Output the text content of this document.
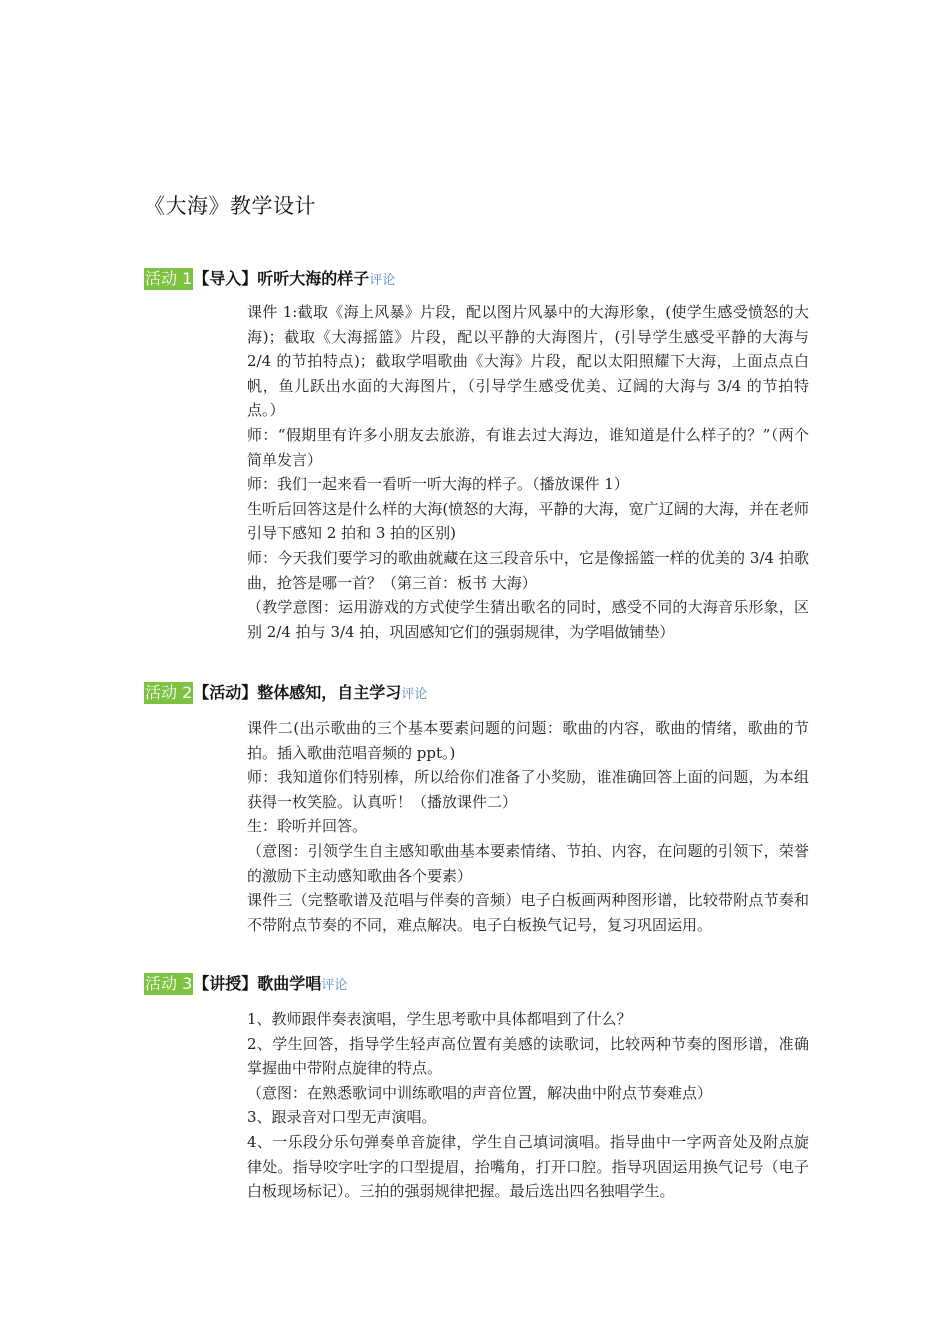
《大海》教学设计
活动 1【导入】听听大海的样子评论

课件 1:截取《海上风暴》片段，配以图片风暴中的大海形象，(使学生感受愤怒的大海)；截取《大海摇篮》片段，配以平静的大海图片，(引导学生感受平静的大海与 2/4 的节拍特点)；截取学唱歌曲《大海》片段，配以太阳照耀下大海，上面点点白帆，鱼儿跃出水面的大海图片，（引导学生感受优美、辽阔的大海与 3/4 的节拍特点。）

师：“假期里有许多小朋友去旅游，有谁去过大海边，谁知道是什么样子的？”（两个简单发言）

师：我们一起来看一看听一听大海的样子。（播放课件 1）

生听后回答这是什么样的大海(愤怒的大海，平静的大海，宽广辽阔的大海，并在老师引导下感知 2 拍和 3 拍的区别)

师：今天我们要学习的歌曲就藏在这三段音乐中，它是像摇篮一样的优美的 3/4 拍歌曲，抢答是哪一首？（第三首：板书 大海）

（教学意图：运用游戏的方式使学生猜出歌名的同时，感受不同的大海音乐形象，区别 2/4 拍与 3/4 拍，巩固感知它们的强弱规律，为学唱做铺垫）

活动 2【活动】整体感知，自主学习评论

课件二(出示歌曲的三个基本要素问题的问题：歌曲的内容，歌曲的情绪，歌曲的节拍。插入歌曲范唱音频的 ppt。)

师：我知道你们特别棒，所以给你们准备了小奖励，谁准确回答上面的问题，为本组获得一枚笑脸。认真听！（播放课件二）

生：聆听并回答。

（意图：引领学生自主感知歌曲基本要素情绪、节拍、内容，在问题的引领下，荣誉的激励下主动感知歌曲各个要素）

课件三（完整歌谱及范唱与伴奏的音频）电子白板画两种图形谱，比较带附点节奏和不带附点节奏的不同，难点解决。电子白板换气记号，复习巩固运用。

活动 3【讲授】歌曲学唱评论

1、教师跟伴奏表演唱，学生思考歌中具体都唱到了什么？

2、学生回答，指导学生轻声高位置有美感的读歌词，比较两种节奏的图形谱，准确掌握曲中带附点旋律的特点。

（意图：在熟悉歌词中训练歌唱的声音位置，解决曲中附点节奏难点）

3、跟录音对口型无声演唱。

4、一乐段分乐句弹奏单音旋律，学生自己填词演唱。指导曲中一字两音处及附点旋律处。指导咬字吐字的口型提眉，抬嘴角，打开口腔。指导巩固运用换气记号（电子白板现场标记）。三拍的强弱规律把握。最后选出四名独唱学生。
